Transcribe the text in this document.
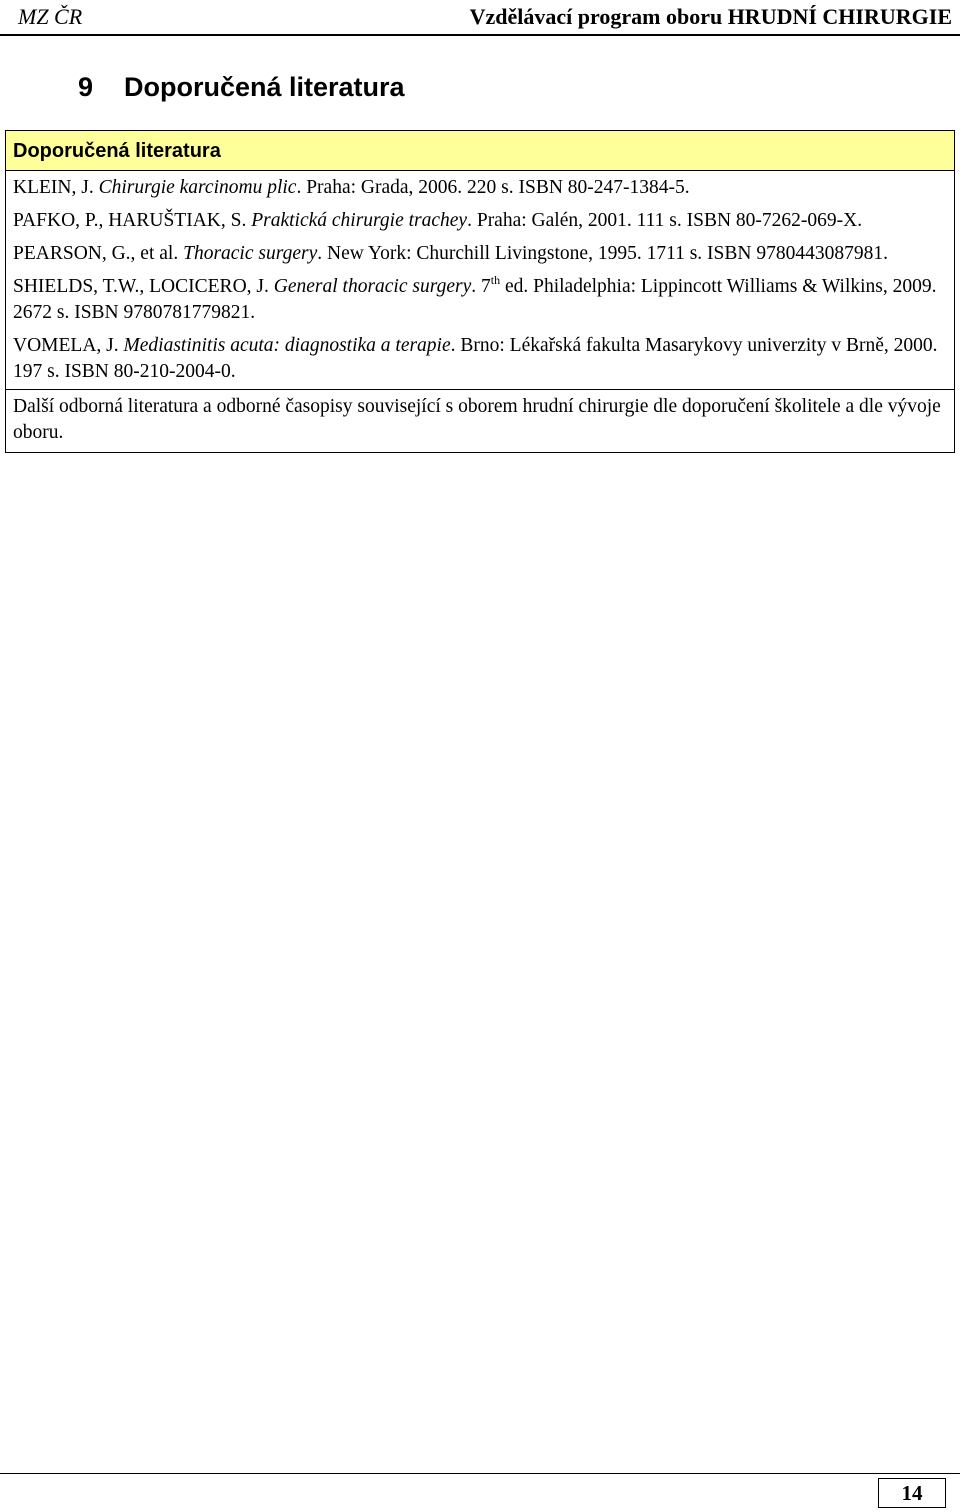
MZ ČR	Vzdělávací program oboru HRUDNÍ CHIRURGIE
9 Doporučená literatura
Doporučená literatura

KLEIN, J. Chirurgie karcinomu plic. Praha: Grada, 2006. 220 s. ISBN 80-247-1384-5.

PAFKO, P., HARUŠTIAK, S. Praktická chirurgie trachey. Praha: Galén, 2001. 111 s. ISBN 80-7262-069-X.

PEARSON, G., et al. Thoracic surgery. New York: Churchill Livingstone, 1995. 1711 s. ISBN 9780443087981.

SHIELDS, T.W., LOCICERO, J. General thoracic surgery. 7th ed. Philadelphia: Lippincott Williams & Wilkins, 2009. 2672 s. ISBN 9780781779821.

VOMELA, J. Mediastinitis acuta: diagnostika a terapie. Brno: Lékařská fakulta Masarykovy univerzity v Brně, 2000. 197 s. ISBN 80-210-2004-0.

Další odborná literatura a odborné časopisy související s oborem hrudní chirurgie dle doporučení školitele a dle vývoje oboru.
14
